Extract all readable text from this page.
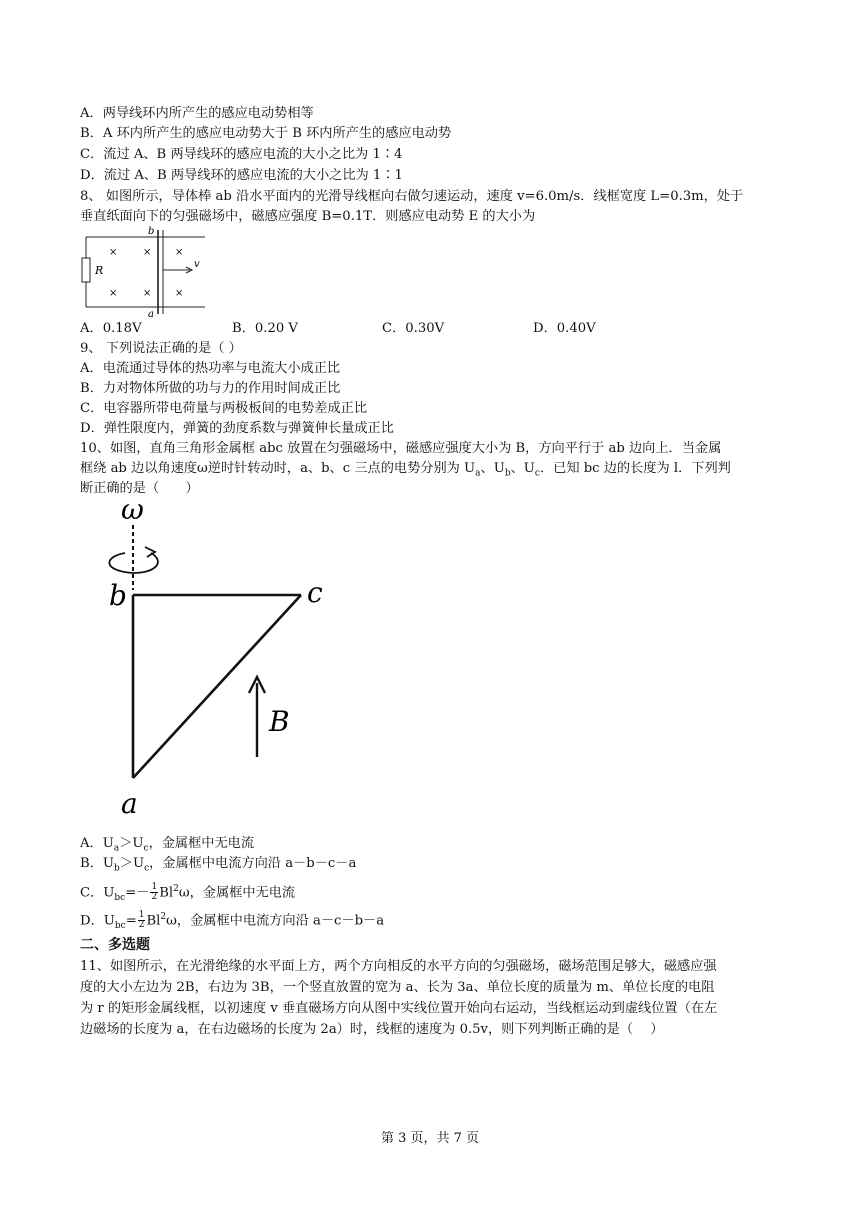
A．两导线环内所产生的感应电动势相等
B．A 环内所产生的感应电动势大于 B 环内所产生的感应电动势
C．流过 A、B 两导线环的感应电流的大小之比为 1∶4
D．流过 A、B 两导线环的感应电流的大小之比为 1∶1
8、 如图所示，导体棒 ab 沿水平面内的光滑导线框向右做匀速运动，速度 v=6.0m/s．线框宽度 L=0.3m，处于
垂直纸面向下的匀强磁场中，磁感应强度 B=0.1T．则感应电动势 E 的大小为
×	× ×
×	× ×
R
b
a
v
A．0.18V	B．0.20 V	C．0.30V	D．0.40V
9、 下列说法正确的是（ ）
A．电流通过导体的热功率与电流大小成正比
B．力对物体所做的功与力的作用时间成正比
C．电容器所带电荷量与两极板间的电势差成正比
D．弹性限度内，弹簧的劲度系数与弹簧伸长量成正比
10、如图，直角三角形金属框 abc 放置在匀强磁场中，磁感应强度大小为 B，方向平行于 ab 边向上．当金属
框绕 ab 边以角速度ω逆时针转动时，a、b、c 三点的电势分别为 $U_a$、$U_b$、$U_c$．已知 bc 边的长度为 l．下列判
断正确的是（　　）
ω
b	c
a
B
A．$U_a>U_c$，金属框中无电流
B．$U_b>U_c$，金属框中电流方向沿 a－b－c－a
C．$U_{bc}=- \frac{1}{2} Bl^2\omega$，金属框中无电流
D．$U_{bc}= \frac{1}{2} Bl^2\omega$，金属框中电流方向沿 a－c－b－a
二、多选题
11、如图所示，在光滑绝缘的水平面上方，两个方向相反的水平方向的匀强磁场，磁场范围足够大，磁感应强
度的大小左边为 2B，右边为 3B，一个竖直放置的宽为 a、长为 3a、单位长度的质量为 m、单位长度的电阻
为 r 的矩形金属线框，以初速度 v 垂直磁场方向从图中实线位置开始向右运动，当线框运动到虚线位置（在左
边磁场的长度为 a，在右边磁场的长度为 2a）时，线框的速度为 0.5v，则下列判断正确的是（　 ）
第 3 页，共 7 页
